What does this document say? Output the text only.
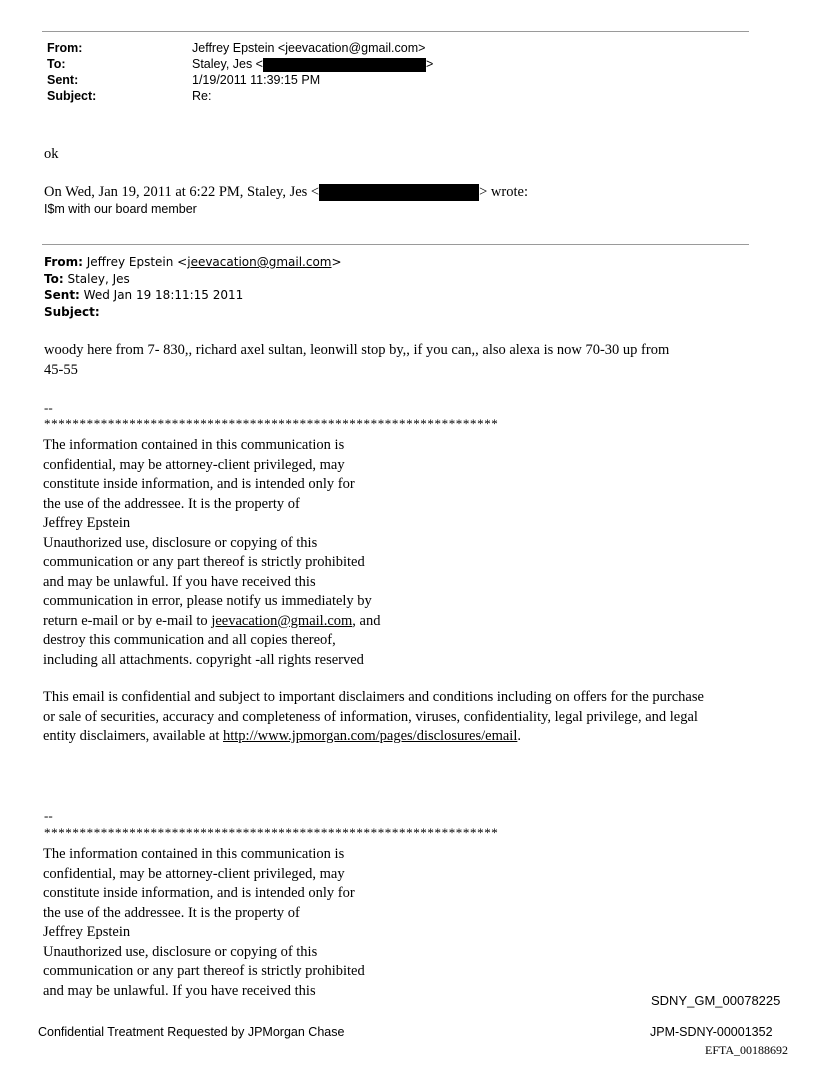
From:	Jeffrey Epstein <jeevacation@gmail.com>
To:	Staley, Jes <	>
Sent:	1/19/2011 11:39:15 PM
Subject:	Re:
ok
On Wed, Jan 19, 2011 at 6:22 PM, Staley, Jes <	> wrote:
I$m with our board member
From: Jeffrey Epstein <jeevacation@gmail.com>
To: Staley, Jes
Sent: Wed Jan 19 18:11:15 2011
Subject:
woody here from 7- 830,, richard axel sultan, leonwill stop by,, if you can,, also alexa is now 70-30 up from
45-55
--
****************************************************************
The information contained in this communication is
confidential, may be attorney-client privileged, may
constitute inside information, and is intended only for
the use of the addressee. It is the property of
Jeffrey Epstein
Unauthorized use, disclosure or copying of this
communication or any part thereof is strictly prohibited
and may be unlawful. If you have received this
communication in error, please notify us immediately by
return e-mail or by e-mail to jeevacation@gmail.com, and
destroy this communication and all copies thereof,
including all attachments. copyright -all rights reserved
This email is confidential and subject to important disclaimers and conditions including on offers for the purchase
or sale of securities, accuracy and completeness of information, viruses, confidentiality, legal privilege, and legal
entity disclaimers, available at http://www.jpmorgan.com/pages/disclosures/email.
--
****************************************************************
The information contained in this communication is
confidential, may be attorney-client privileged, may
constitute inside information, and is intended only for
the use of the addressee. It is the property of
Jeffrey Epstein
Unauthorized use, disclosure or copying of this
communication or any part thereof is strictly prohibited
and may be unlawful. If you have received this
SDNY_GM_00078225
Confidential Treatment Requested by JPMorgan Chase	JPM-SDNY-00001352
EFTA_00188692
